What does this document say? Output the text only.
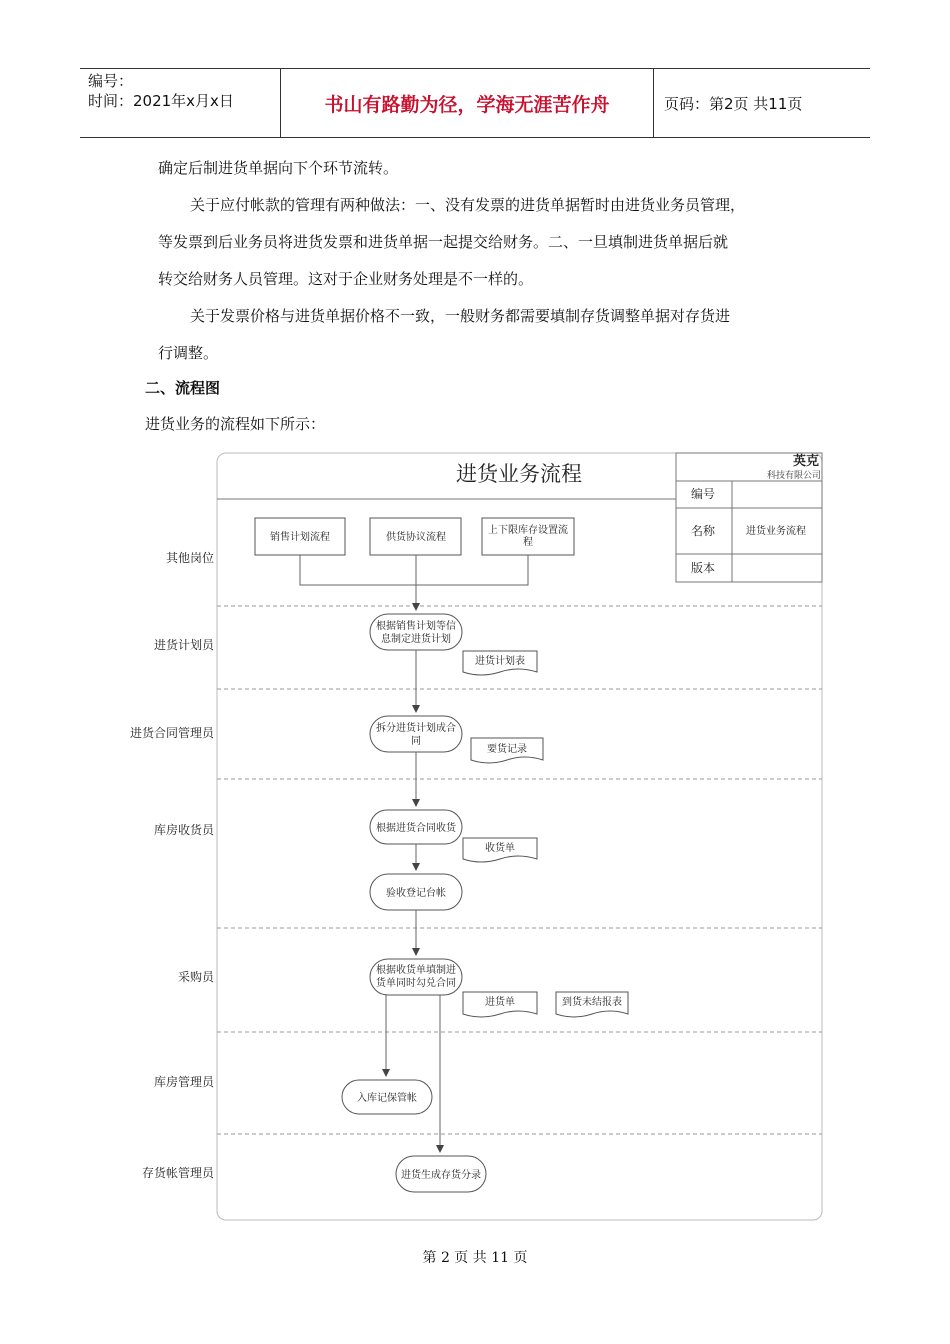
编号：
时间：2021年x月x日	书山有路勤为径，学海无涯苦作舟	页码：第2页 共11页
确定后制进货单据向下个环节流转。
关于应付帐款的管理有两种做法：一、没有发票的进货单据暂时由进货业务员管理，
等发票到后业务员将进货发票和进货单据一起提交给财务。二、一旦填制进货单据后就
转交给财务人员管理。这对于企业财务处理是不一样的。
关于发票价格与进货单据价格不一致，一般财务都需要填制存货调整单据对存货进
行调整。
二、流程图
进货业务的流程如下所示：
进货业务流程
英克
科技有限公司
编号
名称	进货业务流程
版本
其他岗位
进货计划员
进货合同管理员
库房收货员
采购员
库房管理员
存货帐管理员
销售计划流程	供货协议流程
上下限库存设置流
程
根据销售计划等信
息制定进货计划
拆分进货计划成合
同
根据进货合同收货
验收登记台帐
根据收货单填制进
货单同时勾兑合同
入库记保管帐
进货生成存货分录
进货计划表
要货记录
收货单
进货单	到货未结报表
第 2 页 共 11 页
